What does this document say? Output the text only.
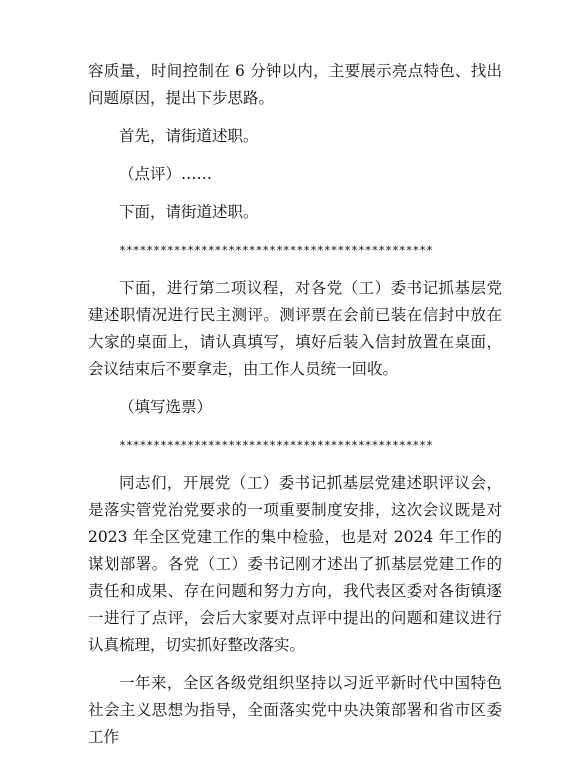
容质量，时间控制在 6 分钟以内，主要展示亮点特色、找出问题原因，提出下步思路。

首先，请街道述职。

（点评）……

下面，请街道述职。

**********************************************

下面，进行第二项议程，对各党（工）委书记抓基层党建述职情况进行民主测评。测评票在会前已装在信封中放在大家的桌面上，请认真填写，填好后装入信封放置在桌面，会议结束后不要拿走，由工作人员统一回收。

（填写选票）

**********************************************

同志们，开展党（工）委书记抓基层党建述职评议会，是落实管党治党要求的一项重要制度安排，这次会议既是对 2023 年全区党建工作的集中检验，也是对 2024 年工作的谋划部署。各党（工）委书记刚才述出了抓基层党建工作的责任和成果、存在问题和努力方向，我代表区委对各街镇逐一进行了点评，会后大家要对点评中提出的问题和建议进行认真梳理，切实抓好整改落实。

一年来，全区各级党组织坚持以习近平新时代中国特色社会主义思想为指导，全面落实党中央决策部署和省市区委工作
